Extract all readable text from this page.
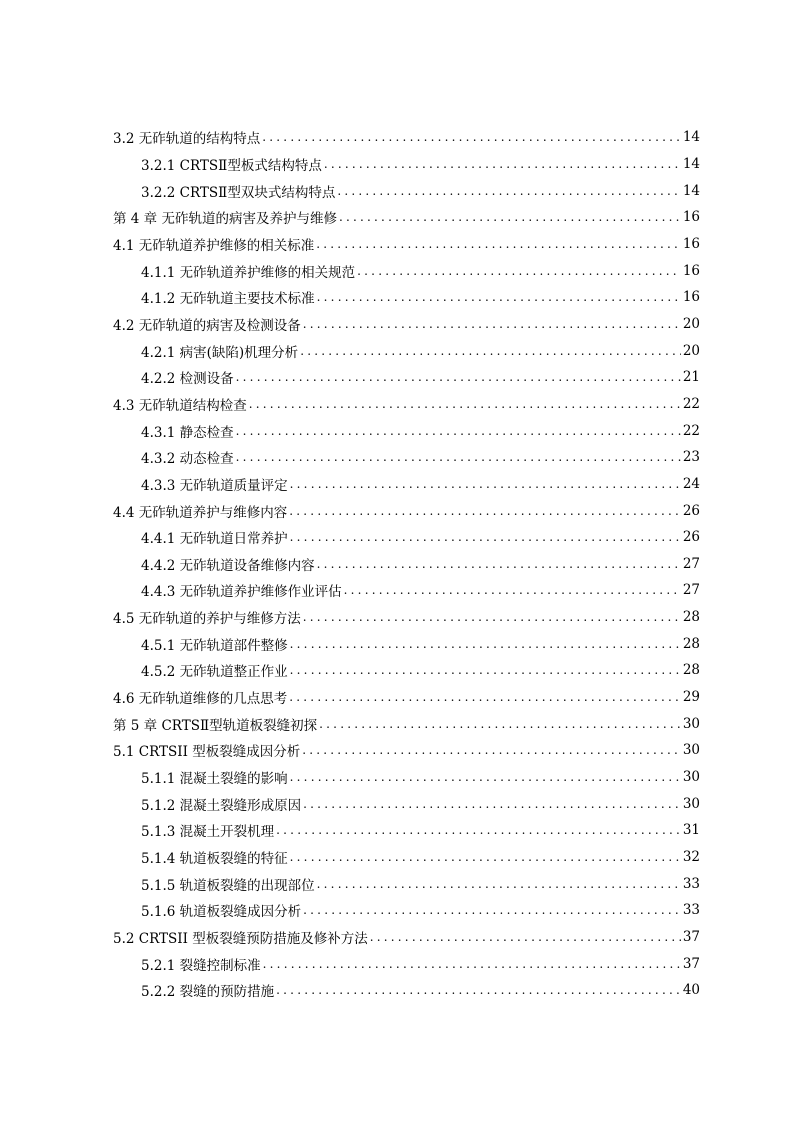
3.2 无砟轨道的结构特点 .....	14
3.2.1 CRTSⅡ型板式结构特点 .....	14
3.2.2 CRTSⅡ型双块式结构特点 .....	14
第 4 章 无砟轨道的病害及养护与维修 .....	16
4.1 无砟轨道养护维修的相关标准 .....	16
4.1.1 无砟轨道养护维修的相关规范 .....	16
4.1.2 无砟轨道主要技术标准 .....	16
4.2 无砟轨道的病害及检测设备 .....	20
4.2.1 病害(缺陷)机理分析 .....	20
4.2.2 检测设备 .....	21
4.3 无砟轨道结构检查 .....	22
4.3.1 静态检查 .....	22
4.3.2 动态检查 .....	23
4.3.3 无砟轨道质量评定 .....	24
4.4 无砟轨道养护与维修内容 .....	26
4.4.1 无砟轨道日常养护 .....	26
4.4.2 无砟轨道设备维修内容 .....	27
4.4.3 无砟轨道养护维修作业评估 .....	27
4.5 无砟轨道的养护与维修方法 .....	28
4.5.1 无砟轨道部件整修 .....	28
4.5.2 无砟轨道整正作业 .....	28
4.6 无砟轨道维修的几点思考 .....	29
第 5 章 CRTSⅡ型轨道板裂缝初探 .....	30
5.1 CRTSII 型板裂缝成因分析 .....	30
5.1.1 混凝土裂缝的影响 .....	30
5.1.2 混凝土裂缝形成原因 .....	30
5.1.3 混凝土开裂机理 .....	31
5.1.4 轨道板裂缝的特征 .....	32
5.1.5 轨道板裂缝的出现部位 .....	33
5.1.6 轨道板裂缝成因分析 .....	33
5.2 CRTSII 型板裂缝预防措施及修补方法 .....	37
5.2.1 裂缝控制标准 .....	37
5.2.2 裂缝的预防措施 .....	40
